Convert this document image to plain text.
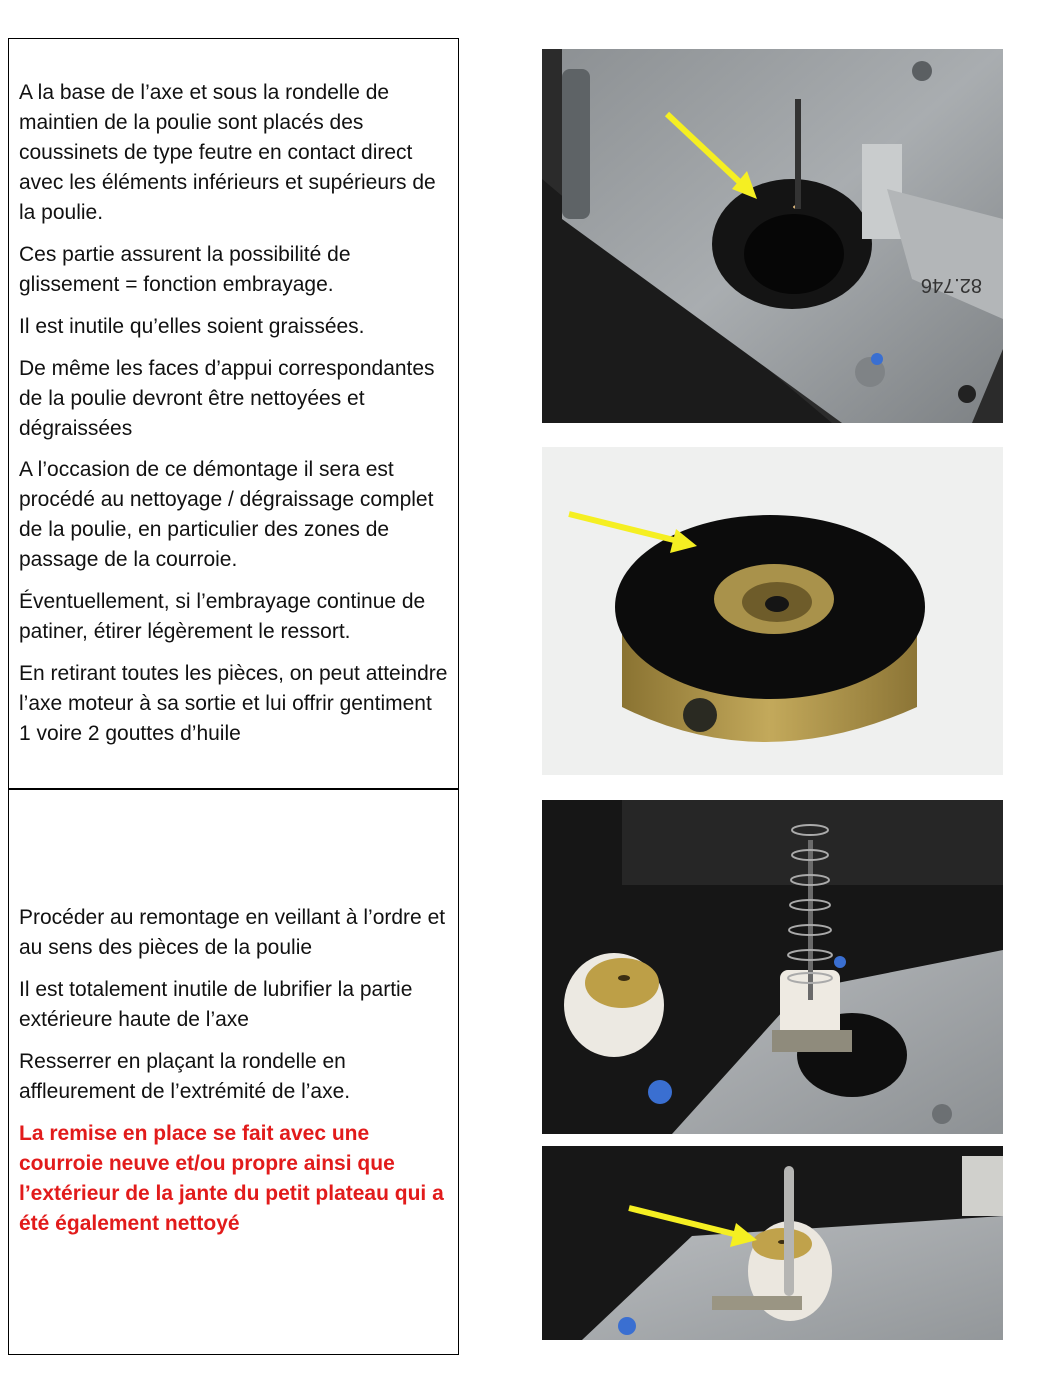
A la base de l’axe et sous la rondelle de maintien de la poulie sont placés des coussinets de type feutre en contact direct avec les éléments inférieurs et supérieurs de la poulie.

Ces partie assurent la possibilité de glissement = fonction embrayage.

Il est inutile qu’elles soient graissées.

De même les faces d’appui correspondantes de la poulie devront être nettoyées et dégraissées

A l’occasion de ce démontage il sera est procédé au nettoyage / dégraissage complet de la poulie, en particulier des zones de passage de la courroie.

Éventuellement, si l’embrayage continue de patiner, étirer légèrement le ressort.

En retirant toutes les pièces, on peut atteindre l’axe moteur à sa sortie et lui offrir gentiment 1 voire 2 gouttes d’huile

Procéder au remontage en veillant à l’ordre et au sens des pièces de la poulie

Il est totalement inutile de lubrifier la partie extérieure haute de l’axe

Resserrer en plaçant la rondelle en affleurement de l’extrémité de l’axe.

La remise en place se fait avec une courroie neuve et/ou propre ainsi que l’extérieur de la jante du petit plateau qui a été également nettoyé

82.746
